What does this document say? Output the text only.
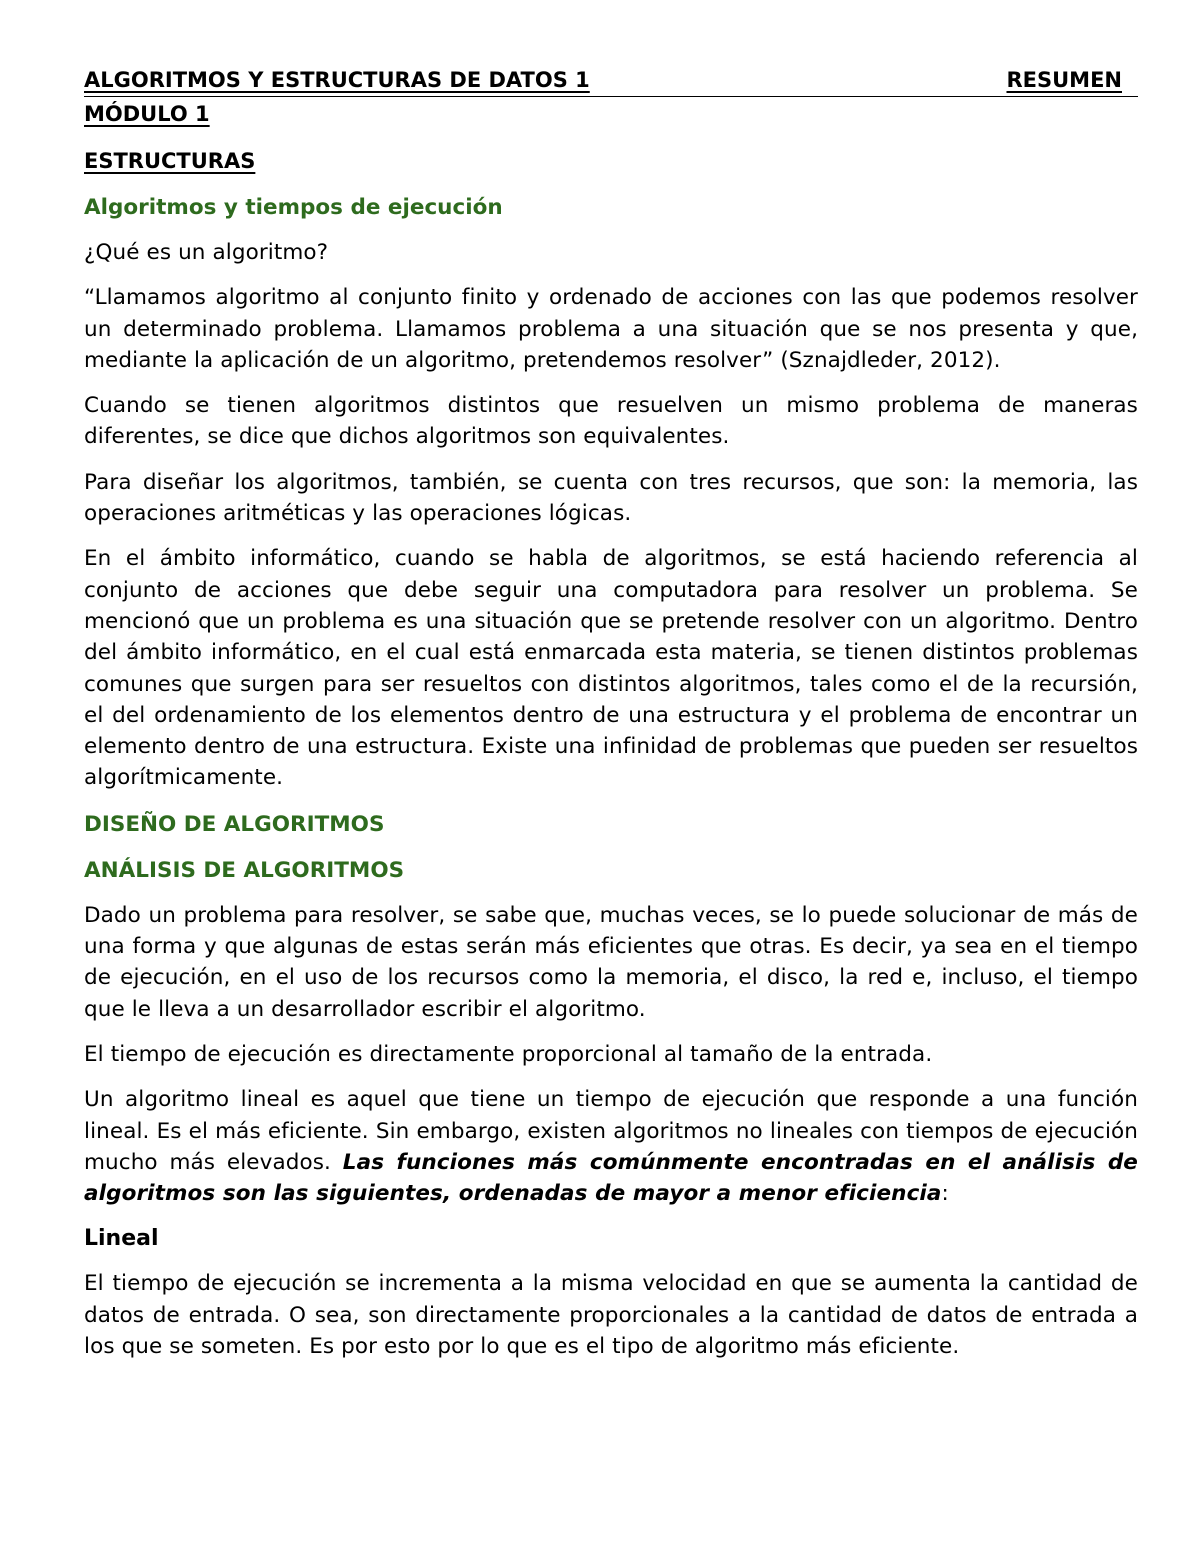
ALGORITMOS Y ESTRUCTURAS DE DATOS 1	RESUMEN
MÓDULO 1
ESTRUCTURAS
Algoritmos y tiempos de ejecución

¿Qué es un algoritmo?

“Llamamos algoritmo al conjunto finito y ordenado de acciones con las que podemos resolver un determinado problema. Llamamos problema a una situación que se nos presenta y que, mediante la aplicación de un algoritmo, pretendemos resolver” (Sznajdleder, 2012).

Cuando se tienen algoritmos distintos que resuelven un mismo problema de maneras diferentes, se dice que dichos algoritmos son equivalentes.

Para diseñar los algoritmos, también, se cuenta con tres recursos, que son: la memoria, las operaciones aritméticas y las operaciones lógicas.

En el ámbito informático, cuando se habla de algoritmos, se está haciendo referencia al conjunto de acciones que debe seguir una computadora para resolver un problema. Se mencionó que un problema es una situación que se pretende resolver con un algoritmo. Dentro del ámbito informático, en el cual está enmarcada esta materia, se tienen distintos problemas comunes que surgen para ser resueltos con distintos algoritmos, tales como el de la recursión, el del ordenamiento de los elementos dentro de una estructura y el problema de encontrar un elemento dentro de una estructura. Existe una infinidad de problemas que pueden ser resueltos algorítmicamente.

DISEÑO DE ALGORITMOS
ANÁLISIS DE ALGORITMOS

Dado un problema para resolver, se sabe que, muchas veces, se lo puede solucionar de más de una forma y que algunas de estas serán más eficientes que otras. Es decir, ya sea en el tiempo de ejecución, en el uso de los recursos como la memoria, el disco, la red e, incluso, el tiempo que le lleva a un desarrollador escribir el algoritmo.

El tiempo de ejecución es directamente proporcional al tamaño de la entrada.

Un algoritmo lineal es aquel que tiene un tiempo de ejecución que responde a una función lineal. Es el más eficiente. Sin embargo, existen algoritmos no lineales con tiempos de ejecución mucho más elevados. Las funciones más comúnmente encontradas en el análisis de algoritmos son las siguientes, ordenadas de mayor a menor eficiencia:

Lineal

El tiempo de ejecución se incrementa a la misma velocidad en que se aumenta la cantidad de datos de entrada. O sea, son directamente proporcionales a la cantidad de datos de entrada a los que se someten. Es por esto por lo que es el tipo de algoritmo más eficiente.
